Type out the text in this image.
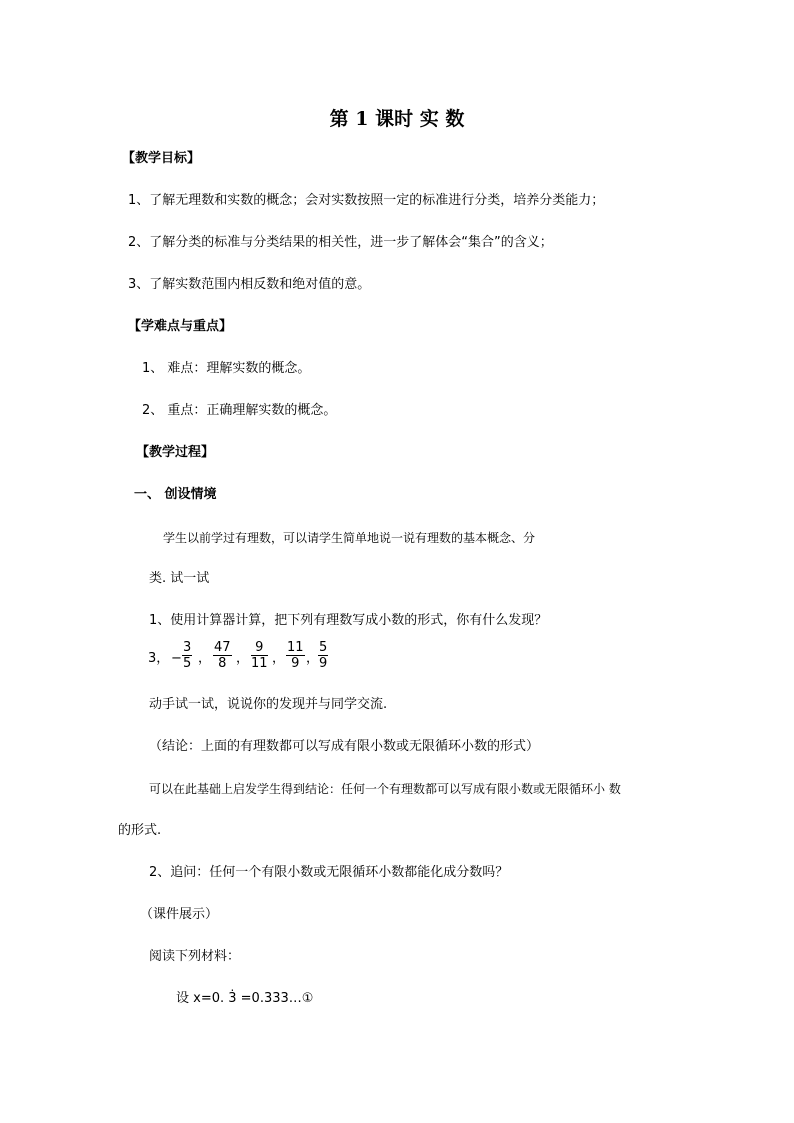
第 1 课时 实 数
【教学目标】
1、了解无理数和实数的概念；会对实数按照一定的标准进行分类，培养分类能力；
2、了解分类的标准与分类结果的相关性，进一步了解体会“集合”的含义；
3、了解实数范围内相反数和绝对值的意。
【学难点与重点】
1、 难点：理解实数的概念。
2、 重点：正确理解实数的概念。
【教学过程】
一、 创设情境
学生以前学过有理数，可以请学生简单地说一说有理数的基本概念、分
类. 试一试
1、使用计算器计算，把下列有理数写成小数的形式，你有什么发现？
3， −
3
5 ，
47
8 ，
9
11 ，
11
9 ，
5
9
动手试一试，说说你的发现并与同学交流.
（结论：上面的有理数都可以写成有限小数或无限循环小数的形式）
可以在此基础上启发学生得到结论：任何一个有理数都可以写成有限小数或无限循环小 数
的形式.
2、追问：任何一个有限小数或无限循环小数都能化成分数吗？
（课件展示）
阅读下列材料：
设 x=0. 3̇ =0.333…①
